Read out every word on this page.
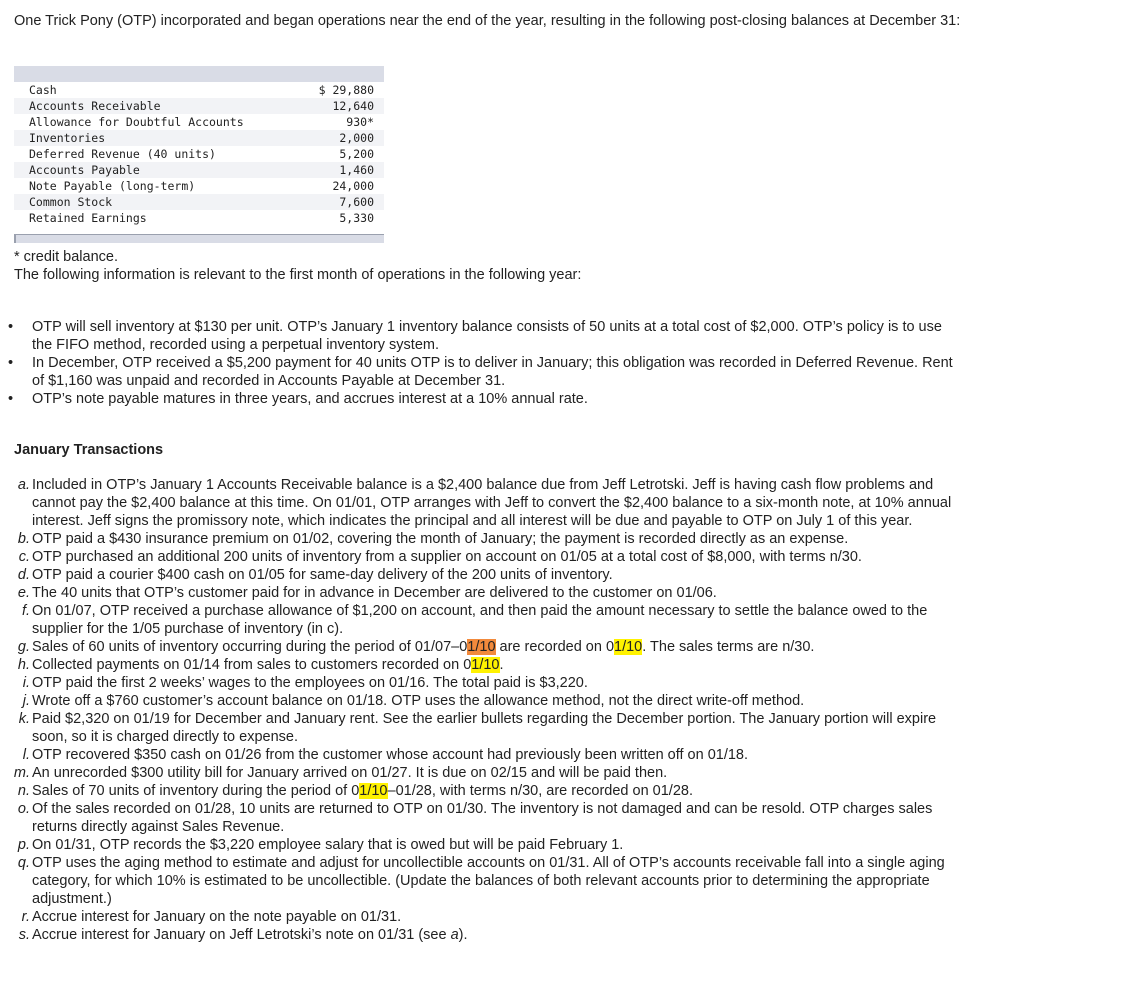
One Trick Pony (OTP) incorporated and began operations near the end of the year, resulting in the following post-closing balances at December 31:

Cash	$ 29,880
Accounts Receivable	12,640
Allowance for Doubtful Accounts	930*
Inventories	2,000
Deferred Revenue (40 units)	5,200
Accounts Payable	1,460
Note Payable (long-term)	24,000
Common Stock	7,600
Retained Earnings	5,330

* credit balance.

The following information is relevant to the first month of operations in the following year:

•	OTP will sell inventory at $130 per unit. OTP’s January 1 inventory balance consists of 50 units at a total cost of $2,000. OTP’s policy is to use the FIFO method, recorded using a perpetual inventory system.
•	In December, OTP received a $5,200 payment for 40 units OTP is to deliver in January; this obligation was recorded in Deferred Revenue. Rent of $1,160 was unpaid and recorded in Accounts Payable at December 31.
•	OTP’s note payable matures in three years, and accrues interest at a 10% annual rate.
January Transactions
a. Included in OTP’s January 1 Accounts Receivable balance is a $2,400 balance due from Jeff Letrotski. Jeff is having cash flow problems and cannot pay the $2,400 balance at this time. On 01/01, OTP arranges with Jeff to convert the $2,400 balance to a six-month note, at 10% annual interest. Jeff signs the promissory note, which indicates the principal and all interest will be due and payable to OTP on July 1 of this year.
b. OTP paid a $430 insurance premium on 01/02, covering the month of January; the payment is recorded directly as an expense.
c. OTP purchased an additional 200 units of inventory from a supplier on account on 01/05 at a total cost of $8,000, with terms n/30.
d. OTP paid a courier $400 cash on 01/05 for same-day delivery of the 200 units of inventory.
e. The 40 units that OTP’s customer paid for in advance in December are delivered to the customer on 01/06.
f. On 01/07, OTP received a purchase allowance of $1,200 on account, and then paid the amount necessary to settle the balance owed to the supplier for the 1/05 purchase of inventory (in c).
g. Sales of 60 units of inventory occurring during the period of 01/07–01/10 are recorded on 01/10. The sales terms are n/30.
h. Collected payments on 01/14 from sales to customers recorded on 01/10.
i. OTP paid the first 2 weeks’ wages to the employees on 01/16. The total paid is $3,220.
j. Wrote off a $760 customer’s account balance on 01/18. OTP uses the allowance method, not the direct write-off method.
k. Paid $2,320 on 01/19 for December and January rent. See the earlier bullets regarding the December portion. The January portion will expire soon, so it is charged directly to expense.
l. OTP recovered $350 cash on 01/26 from the customer whose account had previously been written off on 01/18.
m. An unrecorded $300 utility bill for January arrived on 01/27. It is due on 02/15 and will be paid then.
n. Sales of 70 units of inventory during the period of 01/10–01/28, with terms n/30, are recorded on 01/28.
o. Of the sales recorded on 01/28, 10 units are returned to OTP on 01/30. The inventory is not damaged and can be resold. OTP charges sales returns directly against Sales Revenue.
p. On 01/31, OTP records the $3,220 employee salary that is owed but will be paid February 1.
q. OTP uses the aging method to estimate and adjust for uncollectible accounts on 01/31. All of OTP’s accounts receivable fall into a single aging category, for which 10% is estimated to be uncollectible. (Update the balances of both relevant accounts prior to determining the appropriate adjustment.)
r. Accrue interest for January on the note payable on 01/31.
s. Accrue interest for January on Jeff Letrotski’s note on 01/31 (see a).
